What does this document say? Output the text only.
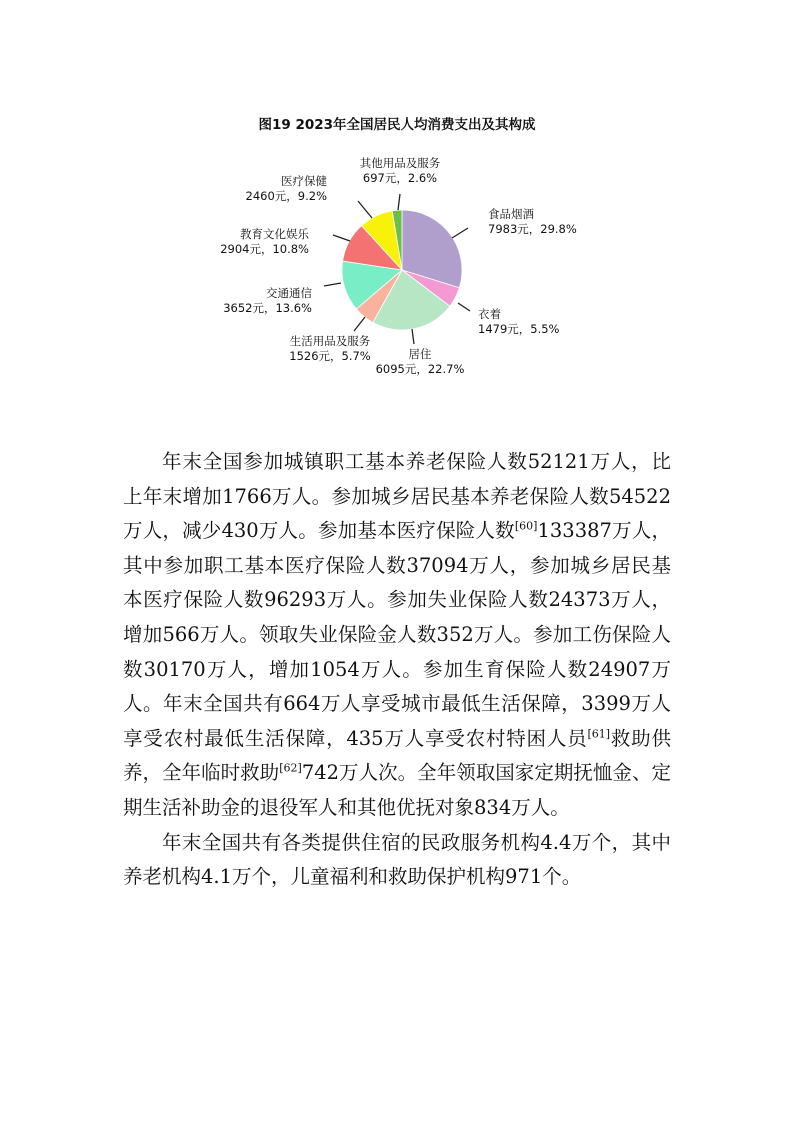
图19 2023年全国居民人均消费支出及其构成
食品烟酒
7983元，29.8%
衣着
1479元，5.5%
居住
6095元，22.7%
生活用品及服务
1526元，5.7%
交通通信
3652元，13.6%
教育文化娱乐
2904元，10.8%
医疗保健
2460元，9.2%
其他用品及服务
697元，2.6%

年末全国参加城镇职工基本养老保险人数52121万人，比上年末增加1766万人。参加城乡居民基本养老保险人数54522万人，减少430万人。参加基本医疗保险人数[60]133387万人，其中参加职工基本医疗保险人数37094万人，参加城乡居民基本医疗保险人数96293万人。参加失业保险人数24373万人，增加566万人。领取失业保险金人数352万人。参加工伤保险人数30170万人，增加1054万人。参加生育保险人数24907万人。年末全国共有664万人享受城市最低生活保障，3399万人享受农村最低生活保障，435万人享受农村特困人员[61]救助供养，全年临时救助[62]742万人次。全年领取国家定期抚恤金、定期生活补助金的退役军人和其他优抚对象834万人。

年末全国共有各类提供住宿的民政服务机构4.4万个，其中养老机构4.1万个，儿童福利和救助保护机构971个。
